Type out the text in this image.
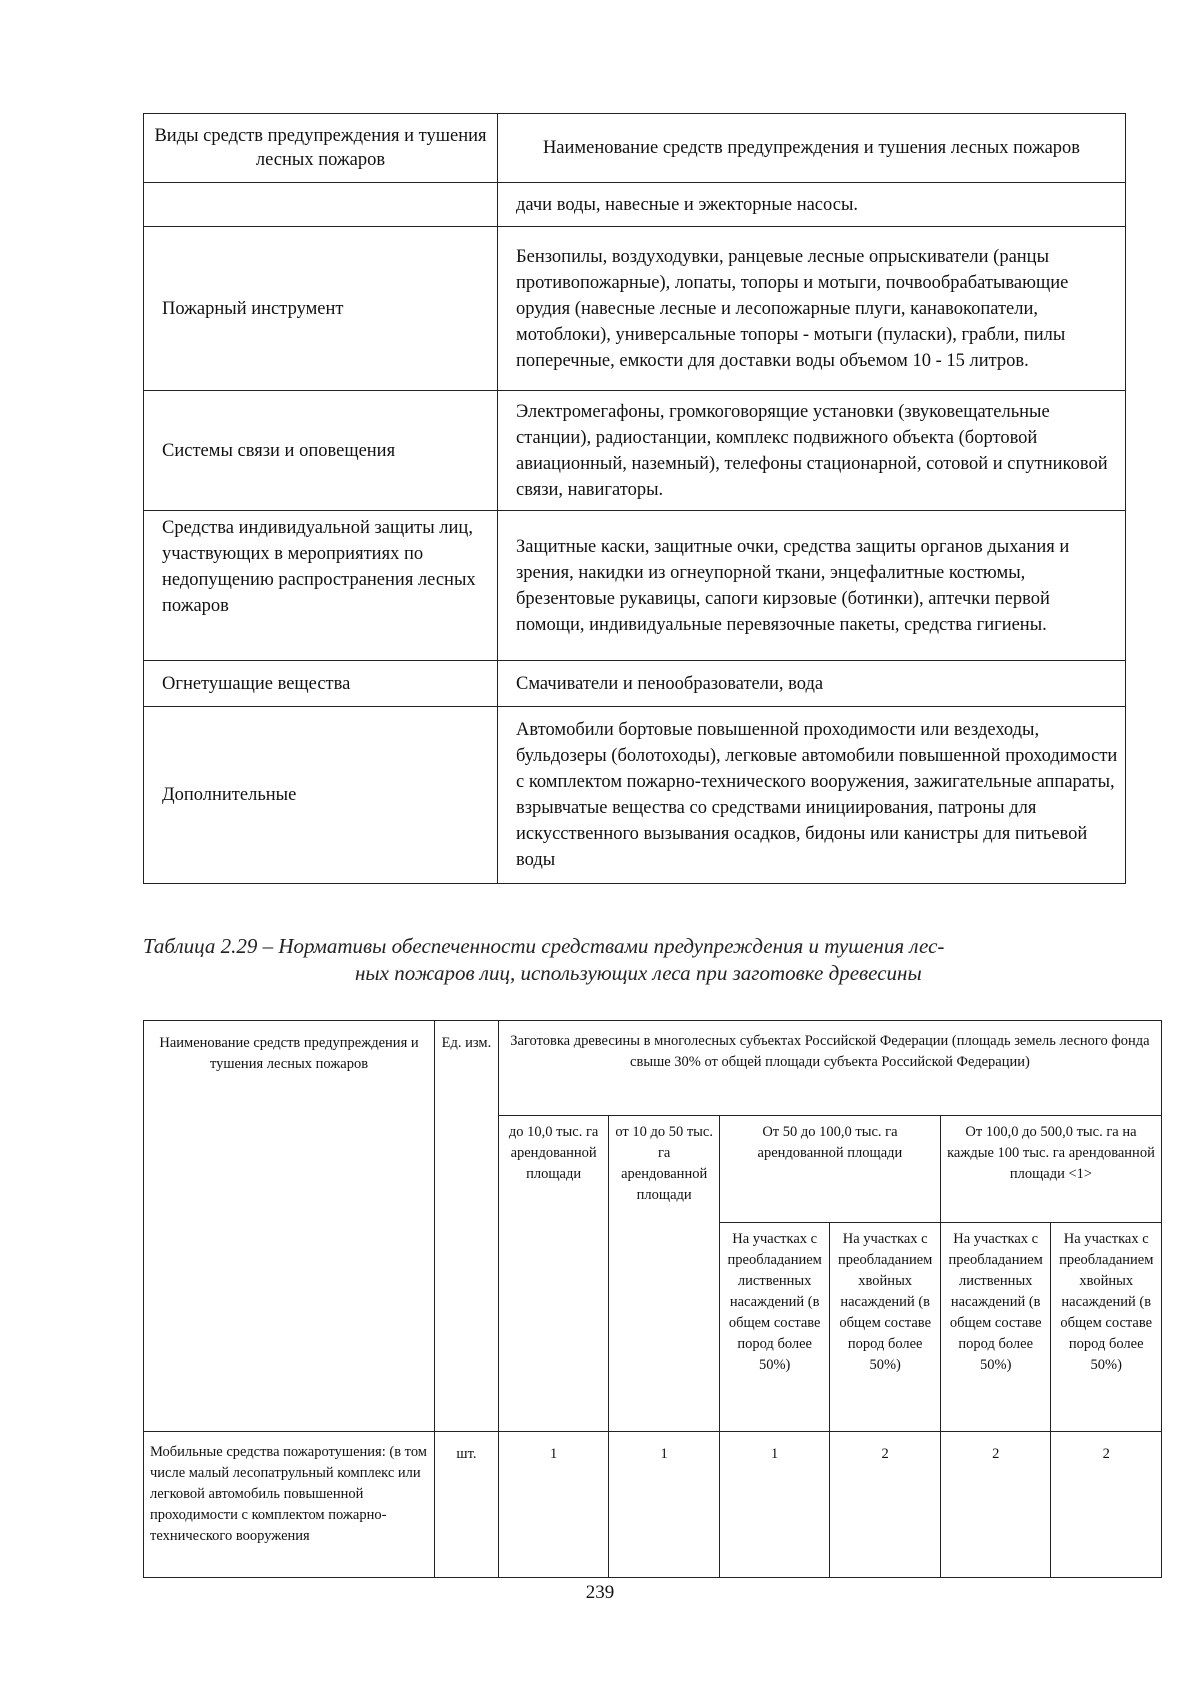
Виды средств предупреждения и тушения лесных пожаров	Наименование средств предупреждения и тушения лесных пожаров
	дачи воды, навесные и эжекторные насосы.
Пожарный инструмент	Бензопилы, воздуходувки, ранцевые лесные опрыскиватели (ранцы противопожарные), лопаты, топоры и мотыги, почвообрабатывающие орудия (навесные лесные и лесопожарные плуги, канавокопатели, мотоблоки), универсальные топоры - мотыги (пуласки), грабли, пилы поперечные, емкости для доставки воды объемом 10 - 15 литров.
Системы связи и оповещения	Электромегафоны, громкоговорящие установки (звуковещательные станции), радиостанции, комплекс подвижного объекта (бортовой авиационный, наземный), телефоны стационарной, сотовой и спутниковой связи, навигаторы.
Средства индивидуальной защиты лиц, участвующих в мероприятиях по недопущению распространения лесных пожаров	Защитные каски, защитные очки, средства защиты органов дыхания и зрения, накидки из огнеупорной ткани, энцефалитные костюмы, брезентовые рукавицы, сапоги кирзовые (ботинки), аптечки первой помощи, индивидуальные перевязочные пакеты, средства гигиены.
Огнетушащие вещества	Смачиватели и пенообразователи, вода
Дополнительные	Автомобили бортовые повышенной проходимости или вездеходы, бульдозеры (болотоходы), легковые автомобили повышенной проходимости с комплектом пожарно-технического вооружения, зажигательные аппараты, взрывчатые вещества со средствами инициирования, патроны для искусственного вызывания осадков, бидоны или канистры для питьевой воды
Таблица 2.29 – Нормативы обеспеченности средствами предупреждения и тушения лес-
ных пожаров лиц, использующих леса при заготовке древесины
Наименование средств предупреждения и тушения лесных пожаров	Ед. изм.	Заготовка древесины в многолесных субъектах Российской Федерации (площадь земель лесного фонда свыше 30% от общей площади субъекта Российской Федерации)					
		до 10,0 тыс. га арендованной площади	от 10 до 50 тыс. га арендованной площади	От 50 до 100,0 тыс. га арендованной площади		От 100,0 до 500,0 тыс. га на каждые 100 тыс. га арендованной площади <1>	
				На участках с преобладанием лиственных насаждений (в общем составе пород более 50%)	На участках с преобладанием хвойных насаждений (в общем составе пород более 50%)	На участках с преобладанием лиственных насаждений (в общем составе пород более 50%)	На участках с преобладанием хвойных насаждений (в общем составе пород более 50%)
Мобильные средства пожаротушения: (в том числе малый лесопатрульный комплекс или легковой автомобиль повышенной проходимости с комплектом пожарно-технического вооружения	шт.	1	1	1	2	2	2
239
